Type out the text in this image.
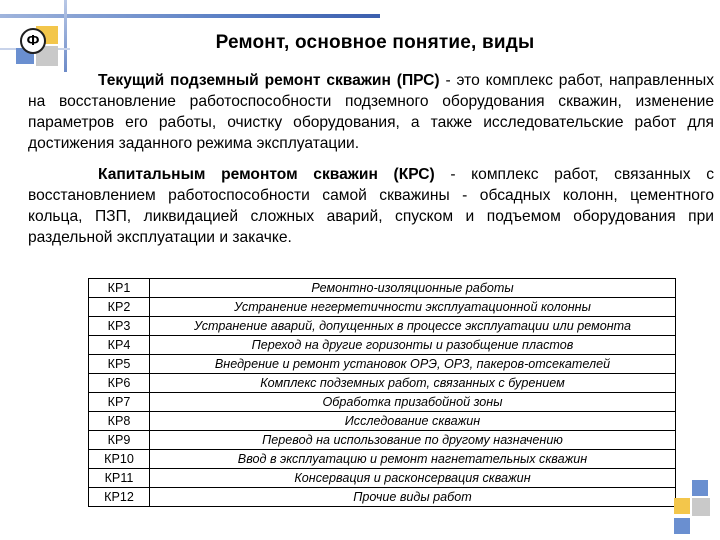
Ф	Ремонт, основное понятие, виды
Текущий подземный ремонт скважин (ПРС) - это комплекс работ, направленных на восстановление работоспособности подземного оборудования скважин, изменение параметров его работы, очистку оборудования, а также исследовательские работ для достижения заданного режима эксплуатации.
Капитальным ремонтом скважин (КРС) - комплекс работ, связанных с восстановлением работоспособности самой скважины - обсадных колонн, цементного кольца, ПЗП, ликвидацией сложных аварий, спуском и подъемом оборудования при раздельной эксплуатации и закачке.
КР1	Ремонтно-изоляционные работы
КР2	Устранение негерметичности эксплуатационной колонны
КР3	Устранение аварий, допущенных в процессе эксплуатации или ремонта
КР4	Переход на другие горизонты и разобщение пластов
КР5	Внедрение и ремонт установок ОРЭ, ОРЗ, пакеров-отсекателей
КР6	Комплекс подземных работ, связанных с бурением
КР7	Обработка призабойной зоны
КР8	Исследование скважин
КР9	Перевод на использование по другому назначению
КР10	Ввод в эксплуатацию и ремонт нагнетательных скважин
КР11	Консервация и расконсервация скважин
КР12	Прочие виды работ
